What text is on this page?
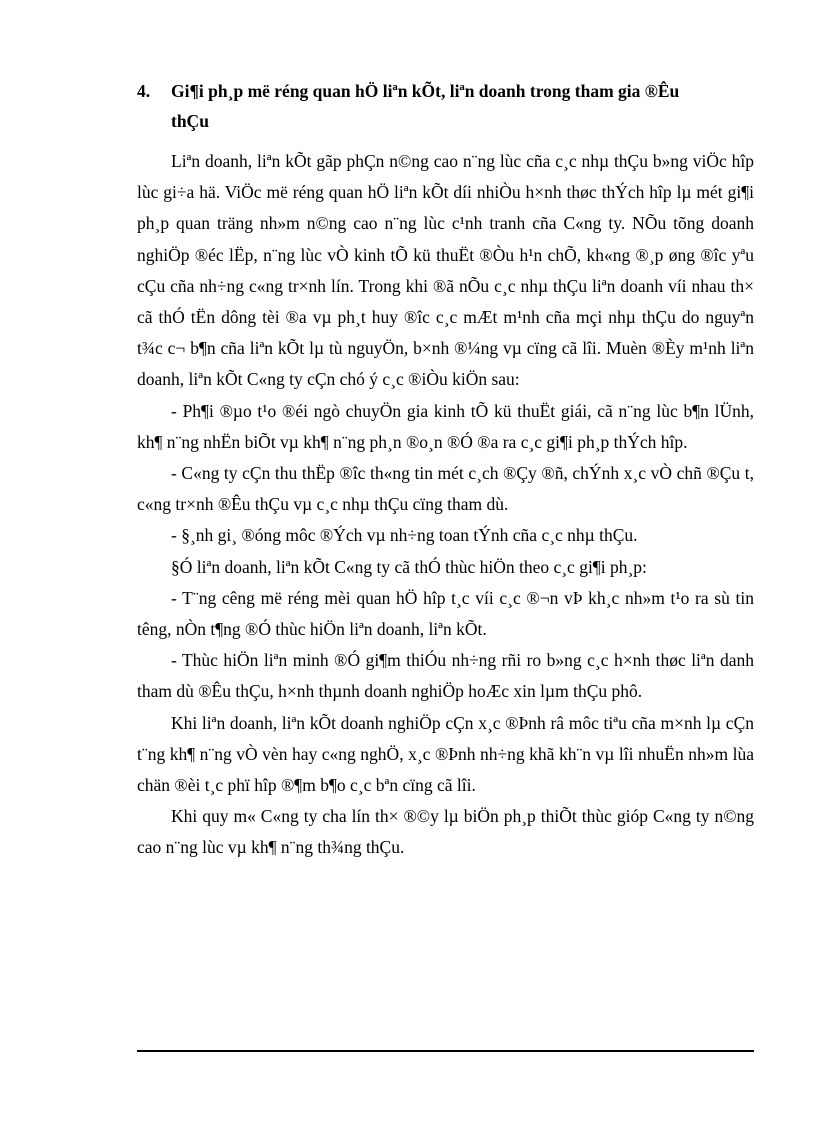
4. Gi¶i ph¸p më réng quan hÖ liªn kÕt, liªn doanh trong tham gia ®Êu
thÇu

Liªn doanh, liªn kÕt gãp phÇn n©ng cao n¨ng lùc cña c¸c nhµ thÇu b»ng viÖc hîp lùc gi÷a hä. ViÖc më réng quan hÖ liªn kÕt díi nhiÒu h×nh thøc thÝch hîp lµ mét gi¶i ph¸p quan träng nh»m n©ng cao n¨ng lùc c¹nh tranh cña C«ng ty. NÕu tõng doanh nghiÖp ®éc lËp, n¨ng lùc vÒ kinh tÕ kü thuËt ®Òu h¹n chÕ, kh«ng ®¸p øng ®îc yªu cÇu cña nh÷ng c«ng tr×nh lín. Trong khi ®ã nÕu c¸c nhµ thÇu liªn doanh víi nhau th× cã thÓ tËn dông tèi ®a vµ ph¸t huy ®îc c¸c mÆt m¹nh cña mçi nhµ thÇu do nguyªn t¾c c¬ b¶n cña liªn kÕt lµ tù nguyÖn, b×nh ®¼ng vµ cïng cã lîi. Muèn ®Èy m¹nh liªn doanh, liªn kÕt C«ng ty cÇn chó ý c¸c ®iÒu kiÖn sau:

- Ph¶i ®µo t¹o ®éi ngò chuyÖn gia kinh tÕ kü thuËt giái, cã n¨ng lùc b¶n lÜnh, kh¶ n¨ng nhËn biÕt vµ kh¶ n¨ng ph¸n ®o¸n ®Ó ®a ra c¸c gi¶i ph¸p thÝch hîp.

- C«ng ty cÇn thu thËp ®îc th«ng tin mét c¸ch ®Çy ®ñ, chÝnh x¸c vÒ chñ ®Çu t, c«ng tr×nh ®Êu thÇu vµ c¸c nhµ thÇu cïng tham dù.

- §¸nh gi¸ ®óng môc ®Ých vµ nh÷ng toan tÝnh cña c¸c nhµ thÇu.

§Ó liªn doanh, liªn kÕt C«ng ty cã thÓ thùc hiÖn theo c¸c gi¶i ph¸p:

- T¨ng cêng më réng mèi quan hÖ hîp t¸c víi c¸c ®¬n vÞ kh¸c nh»m t¹o ra sù tin têng, nÒn t¶ng ®Ó thùc hiÖn liªn doanh, liªn kÕt.

- Thùc hiÖn liªn minh ®Ó gi¶m thiÓu nh÷ng rñi ro b»ng c¸c h×nh thøc liªn danh tham dù ®Êu thÇu, h×nh thµnh doanh nghiÖp hoÆc xin lµm thÇu phô.

Khi liªn doanh, liªn kÕt doanh nghiÖp cÇn x¸c ®Þnh râ môc tiªu cña m×nh lµ cÇn t¨ng kh¶ n¨ng vÒ vèn hay c«ng nghÖ, x¸c ®Þnh nh÷ng khã kh¨n vµ lîi nhuËn nh»m lùa chän ®èi t¸c phï hîp ®¶m b¶o c¸c bªn cïng cã lîi.

Khi quy m« C«ng ty cha lín th× ®©y lµ biÖn ph¸p thiÕt thùc gióp C«ng ty n©ng cao n¨ng lùc vµ kh¶ n¨ng th¾ng thÇu.
